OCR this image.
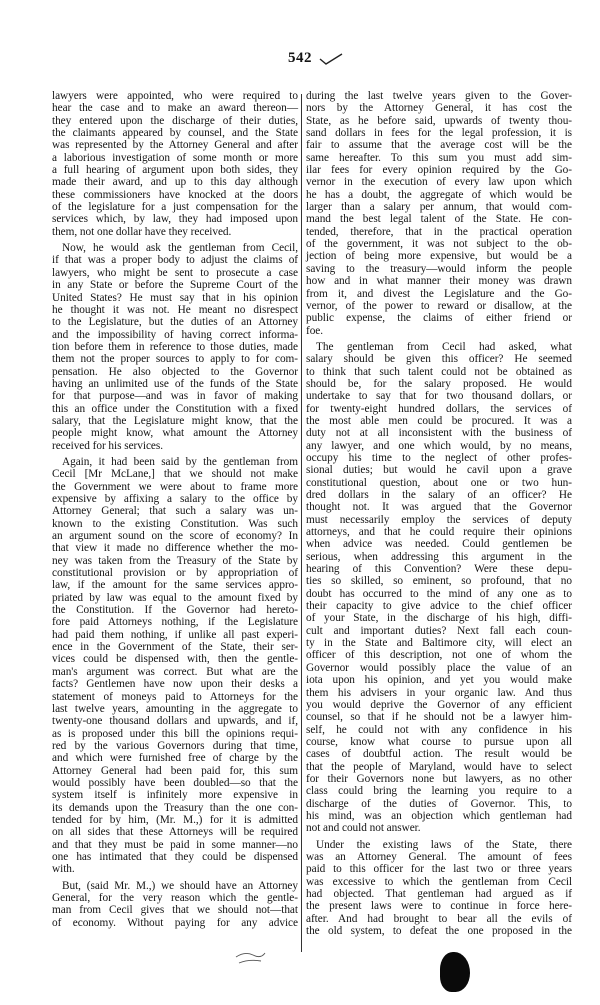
542
lawyers were appointed, who were required to
hear the case and to make an award thereon—
they entered upon the discharge of their duties,
the claimants appeared by counsel, and the State
was represented by the Attorney General and after
a laborious investigation of some month or more
a full hearing of argument upon both sides, they
made their award, and up to this day although
these commissioners have knocked at the doors
of the legislature for a just compensation for the
services which, by law, they had imposed upon
them, not one dollar have they received.
Now, he would ask the gentleman from Cecil,
if that was a proper body to adjust the claims of
lawyers, who might be sent to prosecute a case
in any State or before the Supreme Court of the
United States? He must say that in his opinion
he thought it was not. He meant no disrespect
to the Legislature, but the duties of an Attorney
and the impossibility of having correct informa-
tion before them in reference to those duties, made
them not the proper sources to apply to for com-
pensation. He also objected to the Governor
having an unlimited use of the funds of the State
for that purpose—and was in favor of making
this an office under the Constitution with a fixed
salary, that the Legislature might know, that the
people might know, what amount the Attorney
received for his services.
Again, it had been said by the gentleman from
Cecil [Mr McLane,] that we should not make
the Government we were about to frame more
expensive by affixing a salary to the office by
Attorney General; that such a salary was un-
known to the existing Constitution. Was such
an argument sound on the score of economy? In
that view it made no difference whether the mo-
ney was taken from the Treasury of the State by
constitutional provision or by appropriation of
law, if the amount for the same services appro-
priated by law was equal to the amount fixed by
the Constitution. If the Governor had hereto-
fore paid Attorneys nothing, if the Legislature
had paid them nothing, if unlike all past experi-
ence in the Government of the State, their ser-
vices could be dispensed with, then the gentle-
man's argument was correct. But what are the
facts? Gentlemen have now upon their desks a
statement of moneys paid to Attorneys for the
last twelve years, amounting in the aggregate to
twenty-one thousand dollars and upwards, and if,
as is proposed under this bill the opinions requi-
red by the various Governors during that time,
and which were furnished free of charge by the
Attorney General had been paid for, this sum
would possibly have been doubled—so that the
system itself is infinitely more expensive in
its demands upon the Treasury than the one con-
tended for by him, (Mr. M.,) for it is admitted
on all sides that these Attorneys will be required
and that they must be paid in some manner—no
one has intimated that they could be dispensed
with.
But, (said Mr. M.,) we should have an Attorney
General, for the very reason which the gentle-
man from Cecil gives that we should not—that
of economy. Without paying for any advice
during the last twelve years given to the Gover-
nors by the Attorney General, it has cost the
State, as he before said, upwards of twenty thou-
sand dollars in fees for the legal profession, it is
fair to assume that the average cost will be the
same hereafter. To this sum you must add sim-
ilar fees for every opinion required by the Go-
vernor in the execution of every law upon which
he has a doubt, the aggregate of which would be
larger than a salary per annum, that would com-
mand the best legal talent of the State. He con-
tended, therefore, that in the practical operation
of the government, it was not subject to the ob-
jection of being more expensive, but would be a
saving to the treasury—would inform the people
how and in what manner their money was drawn
from it, and divest the Legislature and the Go-
vernor, of the power to reward or disallow, at the
public expense, the claims of either friend or
foe.
The gentleman from Cecil had asked, what
salary should be given this officer? He seemed
to think that such talent could not be obtained as
should be, for the salary proposed. He would
undertake to say that for two thousand dollars, or
for twenty-eight hundred dollars, the services of
the most able men could be procured. It was a
duty not at all inconsistent with the business of
any lawyer, and one which would, by no means,
occupy his time to the neglect of other profes-
sional duties; but would he cavil upon a grave
constitutional question, about one or two hun-
dred dollars in the salary of an officer? He
thought not. It was argued that the Governor
must necessarily employ the services of deputy
attorneys, and that he could require their opinions
when advice was needed. Could gentlemen be
serious, when addressing this argument in the
hearing of this Convention? Were these depu-
ties so skilled, so eminent, so profound, that no
doubt has occurred to the mind of any one as to
their capacity to give advice to the chief officer
of your State, in the discharge of his high, diffi-
cult and important duties? Next fall each coun-
ty in the State and Baltimore city, will elect an
officer of this description, not one of whom the
Governor would possibly place the value of an
iota upon his opinion, and yet you would make
them his advisers in your organic law. And thus
you would deprive the Governor of any efficient
counsel, so that if he should not be a lawyer him-
self, he could not with any confidence in his
course, know what course to pursue upon all
cases of doubtful action. The result would be
that the people of Maryland, would have to select
for their Governors none but lawyers, as no other
class could bring the learning you require to a
discharge of the duties of Governor. This, to
his mind, was an objection which gentleman had
not and could not answer.
Under the existing laws of the State, there
was an Attorney General. The amount of fees
paid to this officer for the last two or three years
was excessive to which the gentleman from Cecil
had objected. That gentleman had argued as if
the present laws were to continue in force here-
after. And had brought to bear all the evils of
the old system, to defeat the one proposed in the
